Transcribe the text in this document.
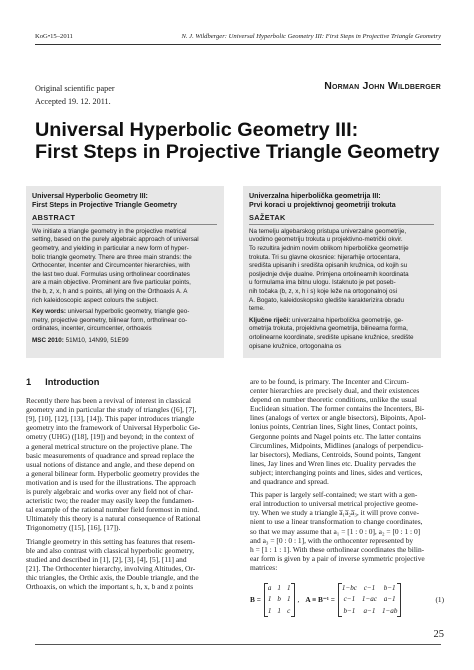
KoG•15–2011	N. J. Wildberger: Universal Hyperbolic Geometry III: First Steps in Projective Triangle Geometry
Original scientific paper
Accepted 19. 12. 2011.
Norman John Wildberger
Universal Hyperbolic Geometry III:
First Steps in Projective Triangle Geometry
Universal Hyperbolic Geometry III:
First Steps in Projective Triangle Geometry
ABSTRACT
We initiate a triangle geometry in the projective metrical
setting, based on the purely algebraic approach of universal
geometry, and yielding in particular a new form of hyper-
bolic triangle geometry. There are three main strands: the
Orthocenter, Incenter and Circumcenter hierarchies, with
the last two dual. Formulas using ortholinear coordinates
are a main objective. Prominent are five particular points,
the b, z, x, h and s points, all lying on the Orthoaxis A. A
rich kaleidoscopic aspect colours the subject.
Key words: universal hyperbolic geometry, triangle geo-
metry, projective geometry, bilinear form, ortholinear co-
ordinates, incenter, circumcenter, orthoaxis
MSC 2010: 51M10, 14N99, 51E99
Univerzalna hiperbolička geometrija III:
Prvi koraci u projektivnoj geometriji trokuta
SAŽETAK
Na temelju algebarskog pristupa univerzalne geometrije,
uvodimo geometriju trokuta u projektivno-metrički okvir.
To rezultira jednim novim oblikom hiperboličke geometrije
trokuta. Tri su glavne okosnice: hijerarhije ortocentara,
središta upisanih i središta opisanih kružnica, od kojih su
posljednje dvije dualne. Primjena ortolinearnih koordinata
u formulama ima bitnu ulogu. Istaknuto je pet poseb-
nih točaka (b, z, x, h i s) koje leže na ortogonalnoj osi
A. Bogato, kaleidoskopsko gledište karakterizira obradu
teme.
Ključne riječi: univerzalna hiperbolička geometrije, ge-
ometrija trokuta, projektivna geometrija, bilinearna forma,
ortolinearne koordinate, središte upisane kružnice, središte
opisane kružnice, ortogonalna os
1 Introduction
Recently there has been a revival of interest in classical
geometry and in particular the study of triangles ([6], [7],
[9], [10], [12], [13], [14]). This paper introduces triangle
geometry into the framework of Universal Hyperbolic Ge-
ometry (UHG) ([18], [19]) and beyond; in the context of
a general metrical structure on the projective plane. The
basic measurements of quadrance and spread replace the
usual notions of distance and angle, and these depend on
a general bilinear form. Hyperbolic geometry provides the
motivation and is used for the illustrations. The approach
is purely algebraic and works over any field not of char-
acteristic two; the reader may easily keep the fundamen-
tal example of the rational number field foremost in mind.
Ultimately this theory is a natural consequence of Rational
Trigonometry ([15], [16], [17]).
Triangle geometry in this setting has features that resem-
ble and also contrast with classical hyperbolic geometry,
studied and described in [1], [2], [3], [4], [5], [11] and
[21]. The Orthocenter hierarchy, involving Altitudes, Or-
thic triangles, the Orthic axis, the Double triangle, and the
Orthoaxis, on which the important s, h, x, b and z points
are to be found, is primary. The Incenter and Circum-
center hierarchies are precisely dual, and their existences
depend on number theoretic conditions, unlike the usual
Euclidean situation. The former contains the Incenters, Bi-
lines (analogs of vertex or angle bisectors), Bipoints, Apol-
lonius points, Centrian lines, Sight lines, Contact points,
Gergonne points and Nagel points etc. The latter contains
Circumlines, Midpoints, Midlines (analogs of perpendicu-
lar bisectors), Medians, Centroids, Sound points, Tangent
lines, Jay lines and Wren lines etc. Duality pervades the
subject; interchanging points and lines, sides and vertices,
and quadrance and spread.
This paper is largely self-contained; we start with a gen-
eral introduction to universal metrical projective geome-
try. When we study a triangle a̅₁a̅₂a̅₃, it will prove conve-
nient to use a linear transformation to change coordinates,
so that we may assume that a₁ = [1 : 0 : 0], a₂ = [0 : 1 : 0]
and a₃ = [0 : 0 : 1], with the orthocenter represented by
h = [1 : 1 : 1]. With these ortholinear coordinates the bilin-
ear form is given by a pair of inverse symmetric projective
matrices:
B =
a 1 1
1 b 1
1 1 c
, A ≡ B⁻¹ =
1−bc c−1 b−1
c−1 1−ac a−1
b−1 a−1 1−ab
(1)
25
